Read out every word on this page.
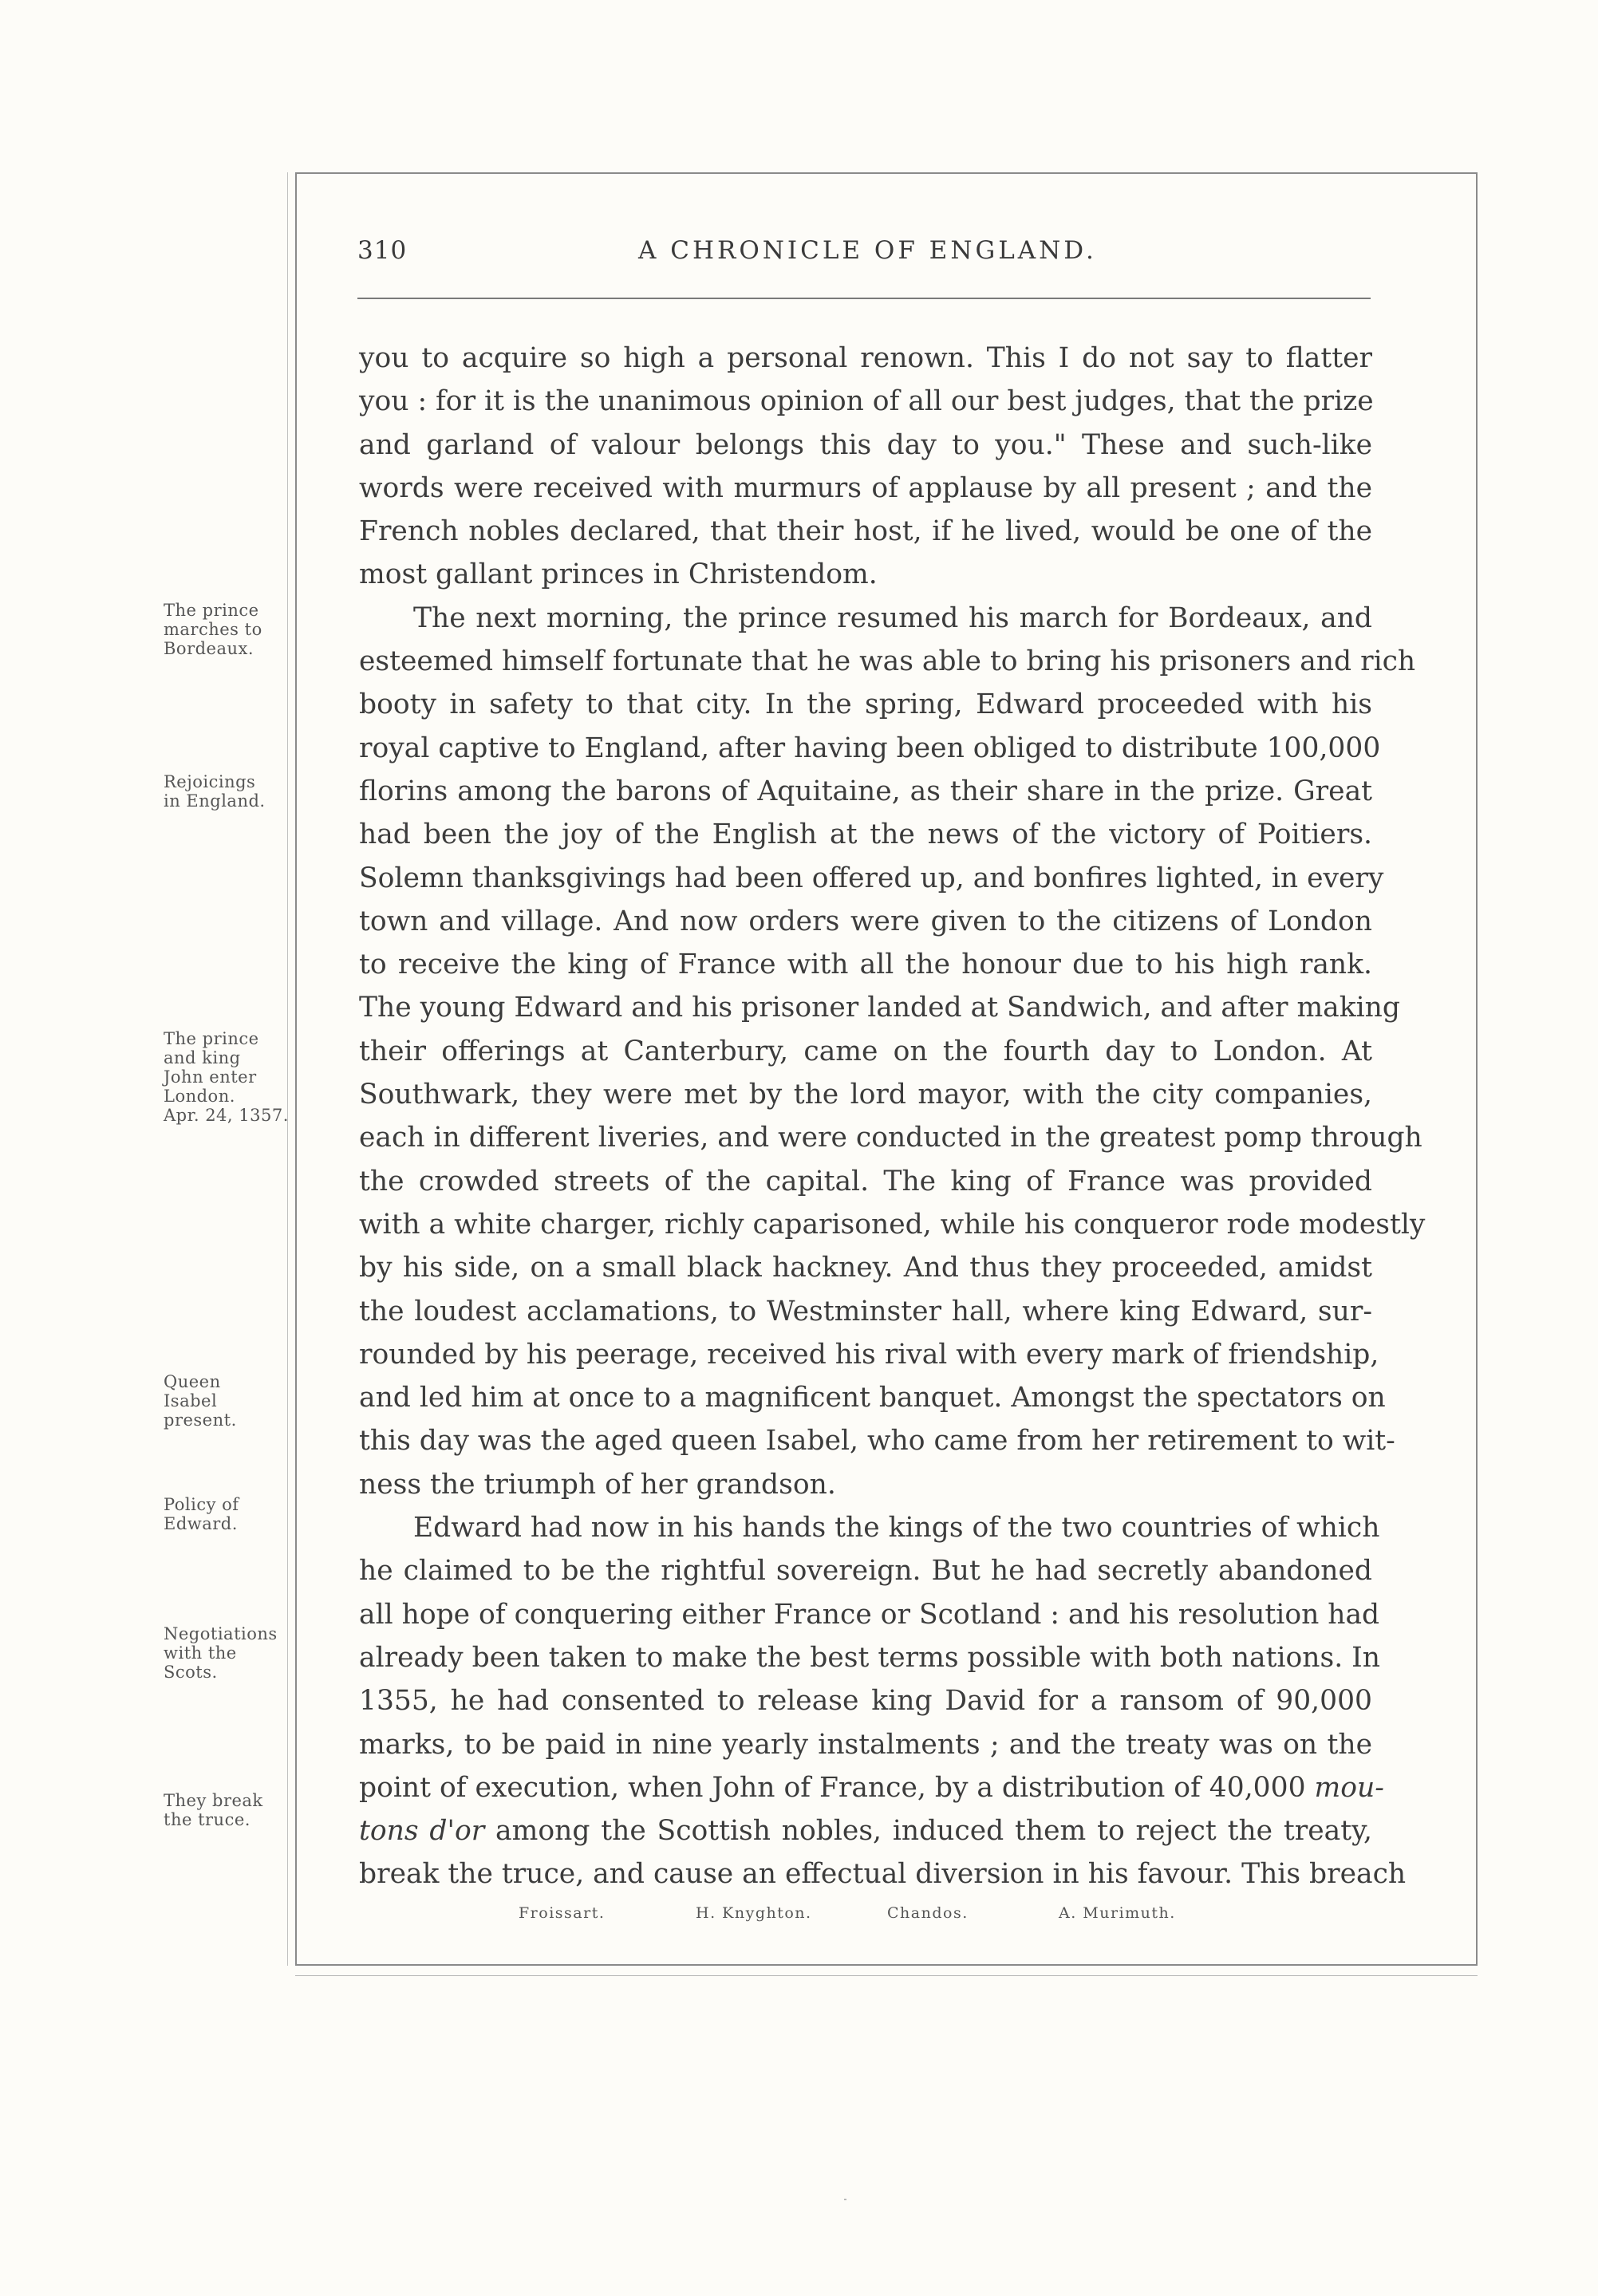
310	A CHRONICLE OF ENGLAND.
you to acquire so high a personal renown. This I do not say to flatter
you : for it is the unanimous opinion of all our best judges, that the prize
and garland of valour belongs this day to you." These and such-like
words were received with murmurs of applause by all present ; and the
French nobles declared, that their host, if he lived, would be one of the
most gallant princes in Christendom.
The next morning, the prince resumed his march for Bordeaux, and
esteemed himself fortunate that he was able to bring his prisoners and rich
booty in safety to that city. In the spring, Edward proceeded with his
royal captive to England, after having been obliged to distribute 100,000
florins among the barons of Aquitaine, as their share in the prize. Great
had been the joy of the English at the news of the victory of Poitiers.
Solemn thanksgivings had been offered up, and bonfires lighted, in every
town and village. And now orders were given to the citizens of London
to receive the king of France with all the honour due to his high rank.
The young Edward and his prisoner landed at Sandwich, and after making
their offerings at Canterbury, came on the fourth day to London. At
Southwark, they were met by the lord mayor, with the city companies,
each in different liveries, and were conducted in the greatest pomp through
the crowded streets of the capital. The king of France was provided
with a white charger, richly caparisoned, while his conqueror rode modestly
by his side, on a small black hackney. And thus they proceeded, amidst
the loudest acclamations, to Westminster hall, where king Edward, sur-
rounded by his peerage, received his rival with every mark of friendship,
and led him at once to a magnificent banquet. Amongst the spectators on
this day was the aged queen Isabel, who came from her retirement to wit-
ness the triumph of her grandson.
Edward had now in his hands the kings of the two countries of which
he claimed to be the rightful sovereign. But he had secretly abandoned
all hope of conquering either France or Scotland : and his resolution had
already been taken to make the best terms possible with both nations. In
1355, he had consented to release king David for a ransom of 90,000
marks, to be paid in nine yearly instalments ; and the treaty was on the
point of execution, when John of France, by a distribution of 40,000 mou-
tons d'or among the Scottish nobles, induced them to reject the treaty,
break the truce, and cause an effectual diversion in his favour. This breach
The prince
marches to
Bordeaux.
Rejoicings
in England.
The prince
and king
John enter
London.
Apr. 24, 1357.
Queen
Isabel
present.
Policy of
Edward.
Negotiations
with the
Scots.
They break
the truce.
Froissart.	H. Knyghton.	Chandos.	A. Murimuth.
